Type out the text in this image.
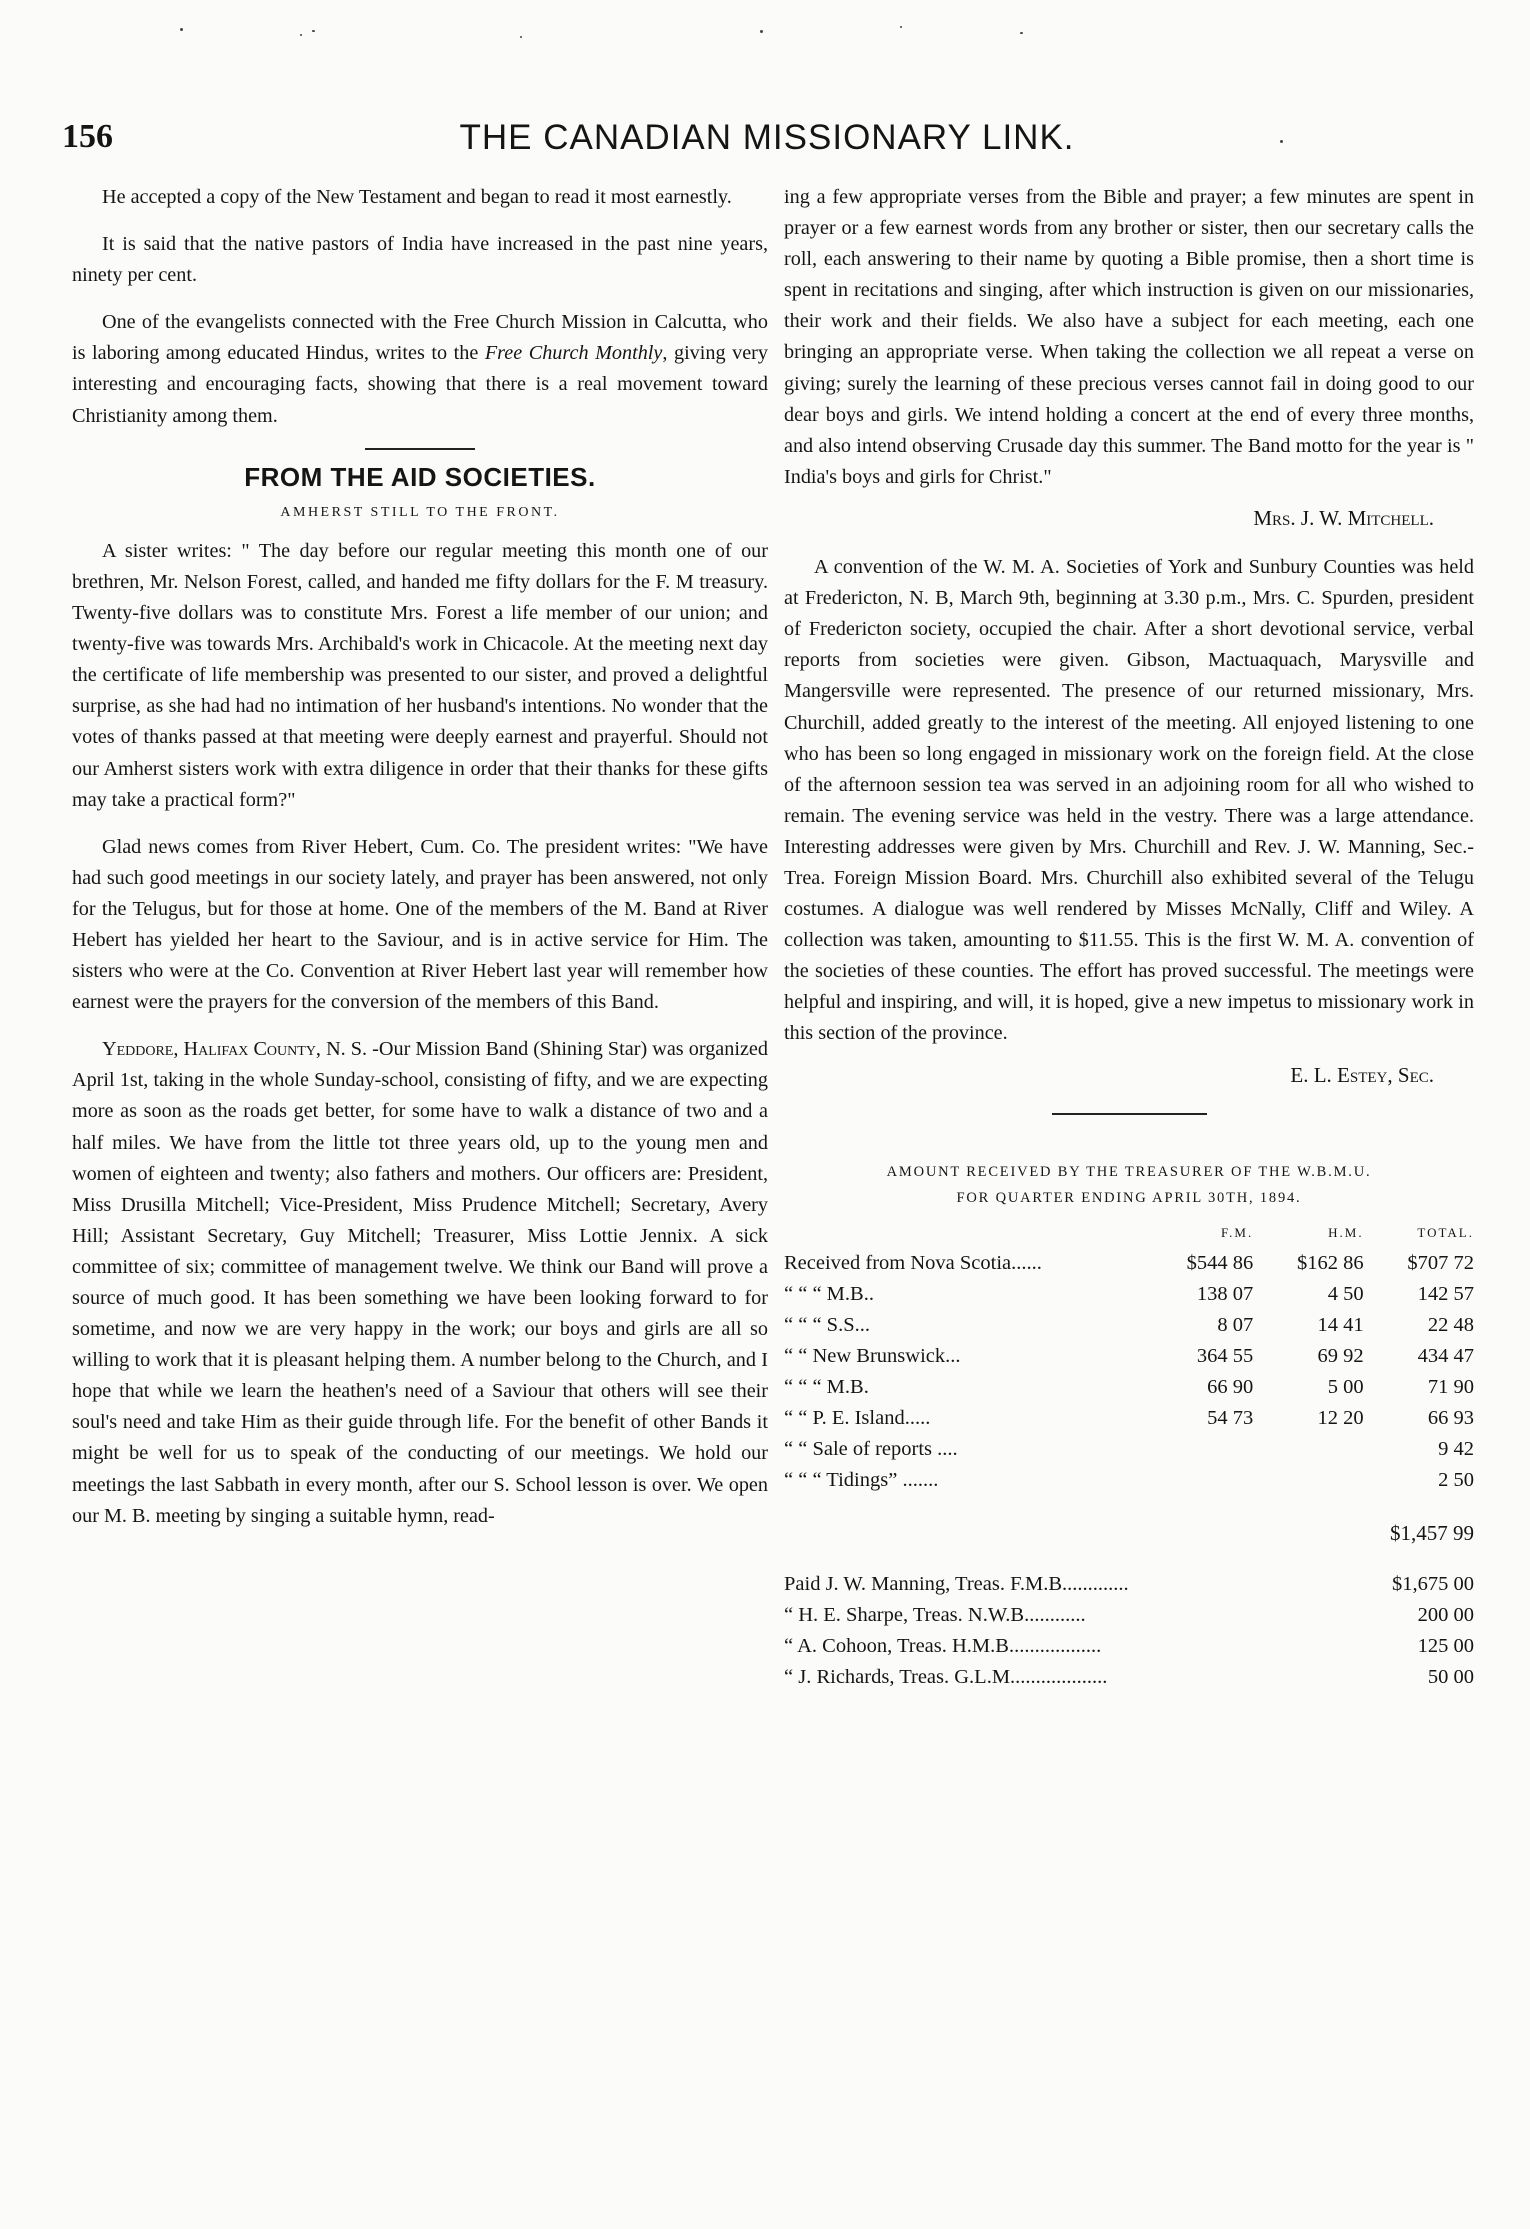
156	THE CANADIAN MISSIONARY LINK.

He accepted a copy of the New Testament and began to read it most earnestly.

It is said that the native pastors of India have increased in the past nine years, ninety per cent.

One of the evangelists connected with the Free Church Mission in Calcutta, who is laboring among educated Hindus, writes to the Free Church Monthly, giving very interesting and encouraging facts, showing that there is a real movement toward Christianity among them.

FROM THE AID SOCIETIES.
AMHERST STILL TO THE FRONT.

A sister writes: " The day before our regular meeting this month one of our brethren, Mr. Nelson Forest, called, and handed me fifty dollars for the F. M treasury. Twenty-five dollars was to constitute Mrs. Forest a life member of our union; and twenty-five was towards Mrs. Archibald's work in Chicacole. At the meeting next day the certificate of life membership was presented to our sister, and proved a delightful surprise, as she had had no intimation of her husband's intentions. No wonder that the votes of thanks passed at that meeting were deeply earnest and prayerful. Should not our Amherst sisters work with extra diligence in order that their thanks for these gifts may take a practical form?"

Glad news comes from River Hebert, Cum. Co. The president writes: "We have had such good meetings in our society lately, and prayer has been answered, not only for the Telugus, but for those at home. One of the members of the M. Band at River Hebert has yielded her heart to the Saviour, and is in active service for Him. The sisters who were at the Co. Convention at River Hebert last year will remember how earnest were the prayers for the conversion of the members of this Band.

Yeddore, Halifax County, N. S. -Our Mission Band (Shining Star) was organized April 1st, taking in the whole Sunday-school, consisting of fifty, and we are expecting more as soon as the roads get better, for some have to walk a distance of two and a half miles. We have from the little tot three years old, up to the young men and women of eighteen and twenty; also fathers and mothers. Our officers are: President, Miss Drusilla Mitchell; Vice-President, Miss Prudence Mitchell; Secretary, Avery Hill; Assistant Secretary, Guy Mitchell; Treasurer, Miss Lottie Jennix. A sick committee of six; committee of management twelve. We think our Band will prove a source of much good. It has been something we have been looking forward to for sometime, and now we are very happy in the work; our boys and girls are all so willing to work that it is pleasant helping them. A number belong to the Church, and I hope that while we learn the heathen's need of a Saviour that others will see their soul's need and take Him as their guide through life. For the benefit of other Bands it might be well for us to speak of the conducting of our meetings. We hold our meetings the last Sabbath in every month, after our S. School lesson is over. We open our M. B. meeting by singing a suitable hymn, read-

ing a few appropriate verses from the Bible and prayer; a few minutes are spent in prayer or a few earnest words from any brother or sister, then our secretary calls the roll, each answering to their name by quoting a Bible promise, then a short time is spent in recitations and singing, after which instruction is given on our missionaries, their work and their fields. We also have a subject for each meeting, each one bringing an appropriate verse. When taking the collection we all repeat a verse on giving; surely the learning of these precious verses cannot fail in doing good to our dear boys and girls. We intend holding a concert at the end of every three months, and also intend observing Crusade day this summer. The Band motto for the year is " India's boys and girls for Christ."

Mrs. J. W. Mitchell.

A convention of the W. M. A. Societies of York and Sunbury Counties was held at Fredericton, N. B, March 9th, beginning at 3.30 p.m., Mrs. C. Spurden, president of Fredericton society, occupied the chair. After a short devotional service, verbal reports from societies were given. Gibson, Mactuaquach, Marysville and Mangersville were represented. The presence of our returned missionary, Mrs. Churchill, added greatly to the interest of the meeting. All enjoyed listening to one who has been so long engaged in missionary work on the foreign field. At the close of the afternoon session tea was served in an adjoining room for all who wished to remain. The evening service was held in the vestry. There was a large attendance. Interesting addresses were given by Mrs. Churchill and Rev. J. W. Manning, Sec.-Trea. Foreign Mission Board. Mrs. Churchill also exhibited several of the Telugu costumes. A dialogue was well rendered by Misses McNally, Cliff and Wiley. A collection was taken, amounting to $11.55. This is the first W. M. A. convention of the societies of these counties. The effort has proved successful. The meetings were helpful and inspiring, and will, it is hoped, give a new impetus to missionary work in this section of the province.

E. L. Estey, Sec.
AMOUNT RECEIVED BY THE TREASURER OF THE W.B.M.U.
FOR QUARTER ENDING APRIL 30TH, 1894.
	F.M.	H.M.	TOTAL.
Received from Nova Scotia......	$544 86	$162 86	$707 72
“ “ “ M.B..	138 07	4 50	142 57
“ “ “ S.S...	8 07	14 41	22 48
“ “ New Brunswick...	364 55	69 92	434 47
“ “ “ M.B.	66 90	5 00	71 90
“ “ P. E. Island.....	54 73	12 20	66 93
“ “ Sale of reports ....			9 42
“ “ “ Tidings” .......			2 50
$1,457 99
Paid J. W. Manning, Treas. F.M.B.............	$1,675 00
“ H. E. Sharpe, Treas. N.W.B............	200 00
“ A. Cohoon, Treas. H.M.B..................	125 00
“ J. Richards, Treas. G.L.M...................	50 00
